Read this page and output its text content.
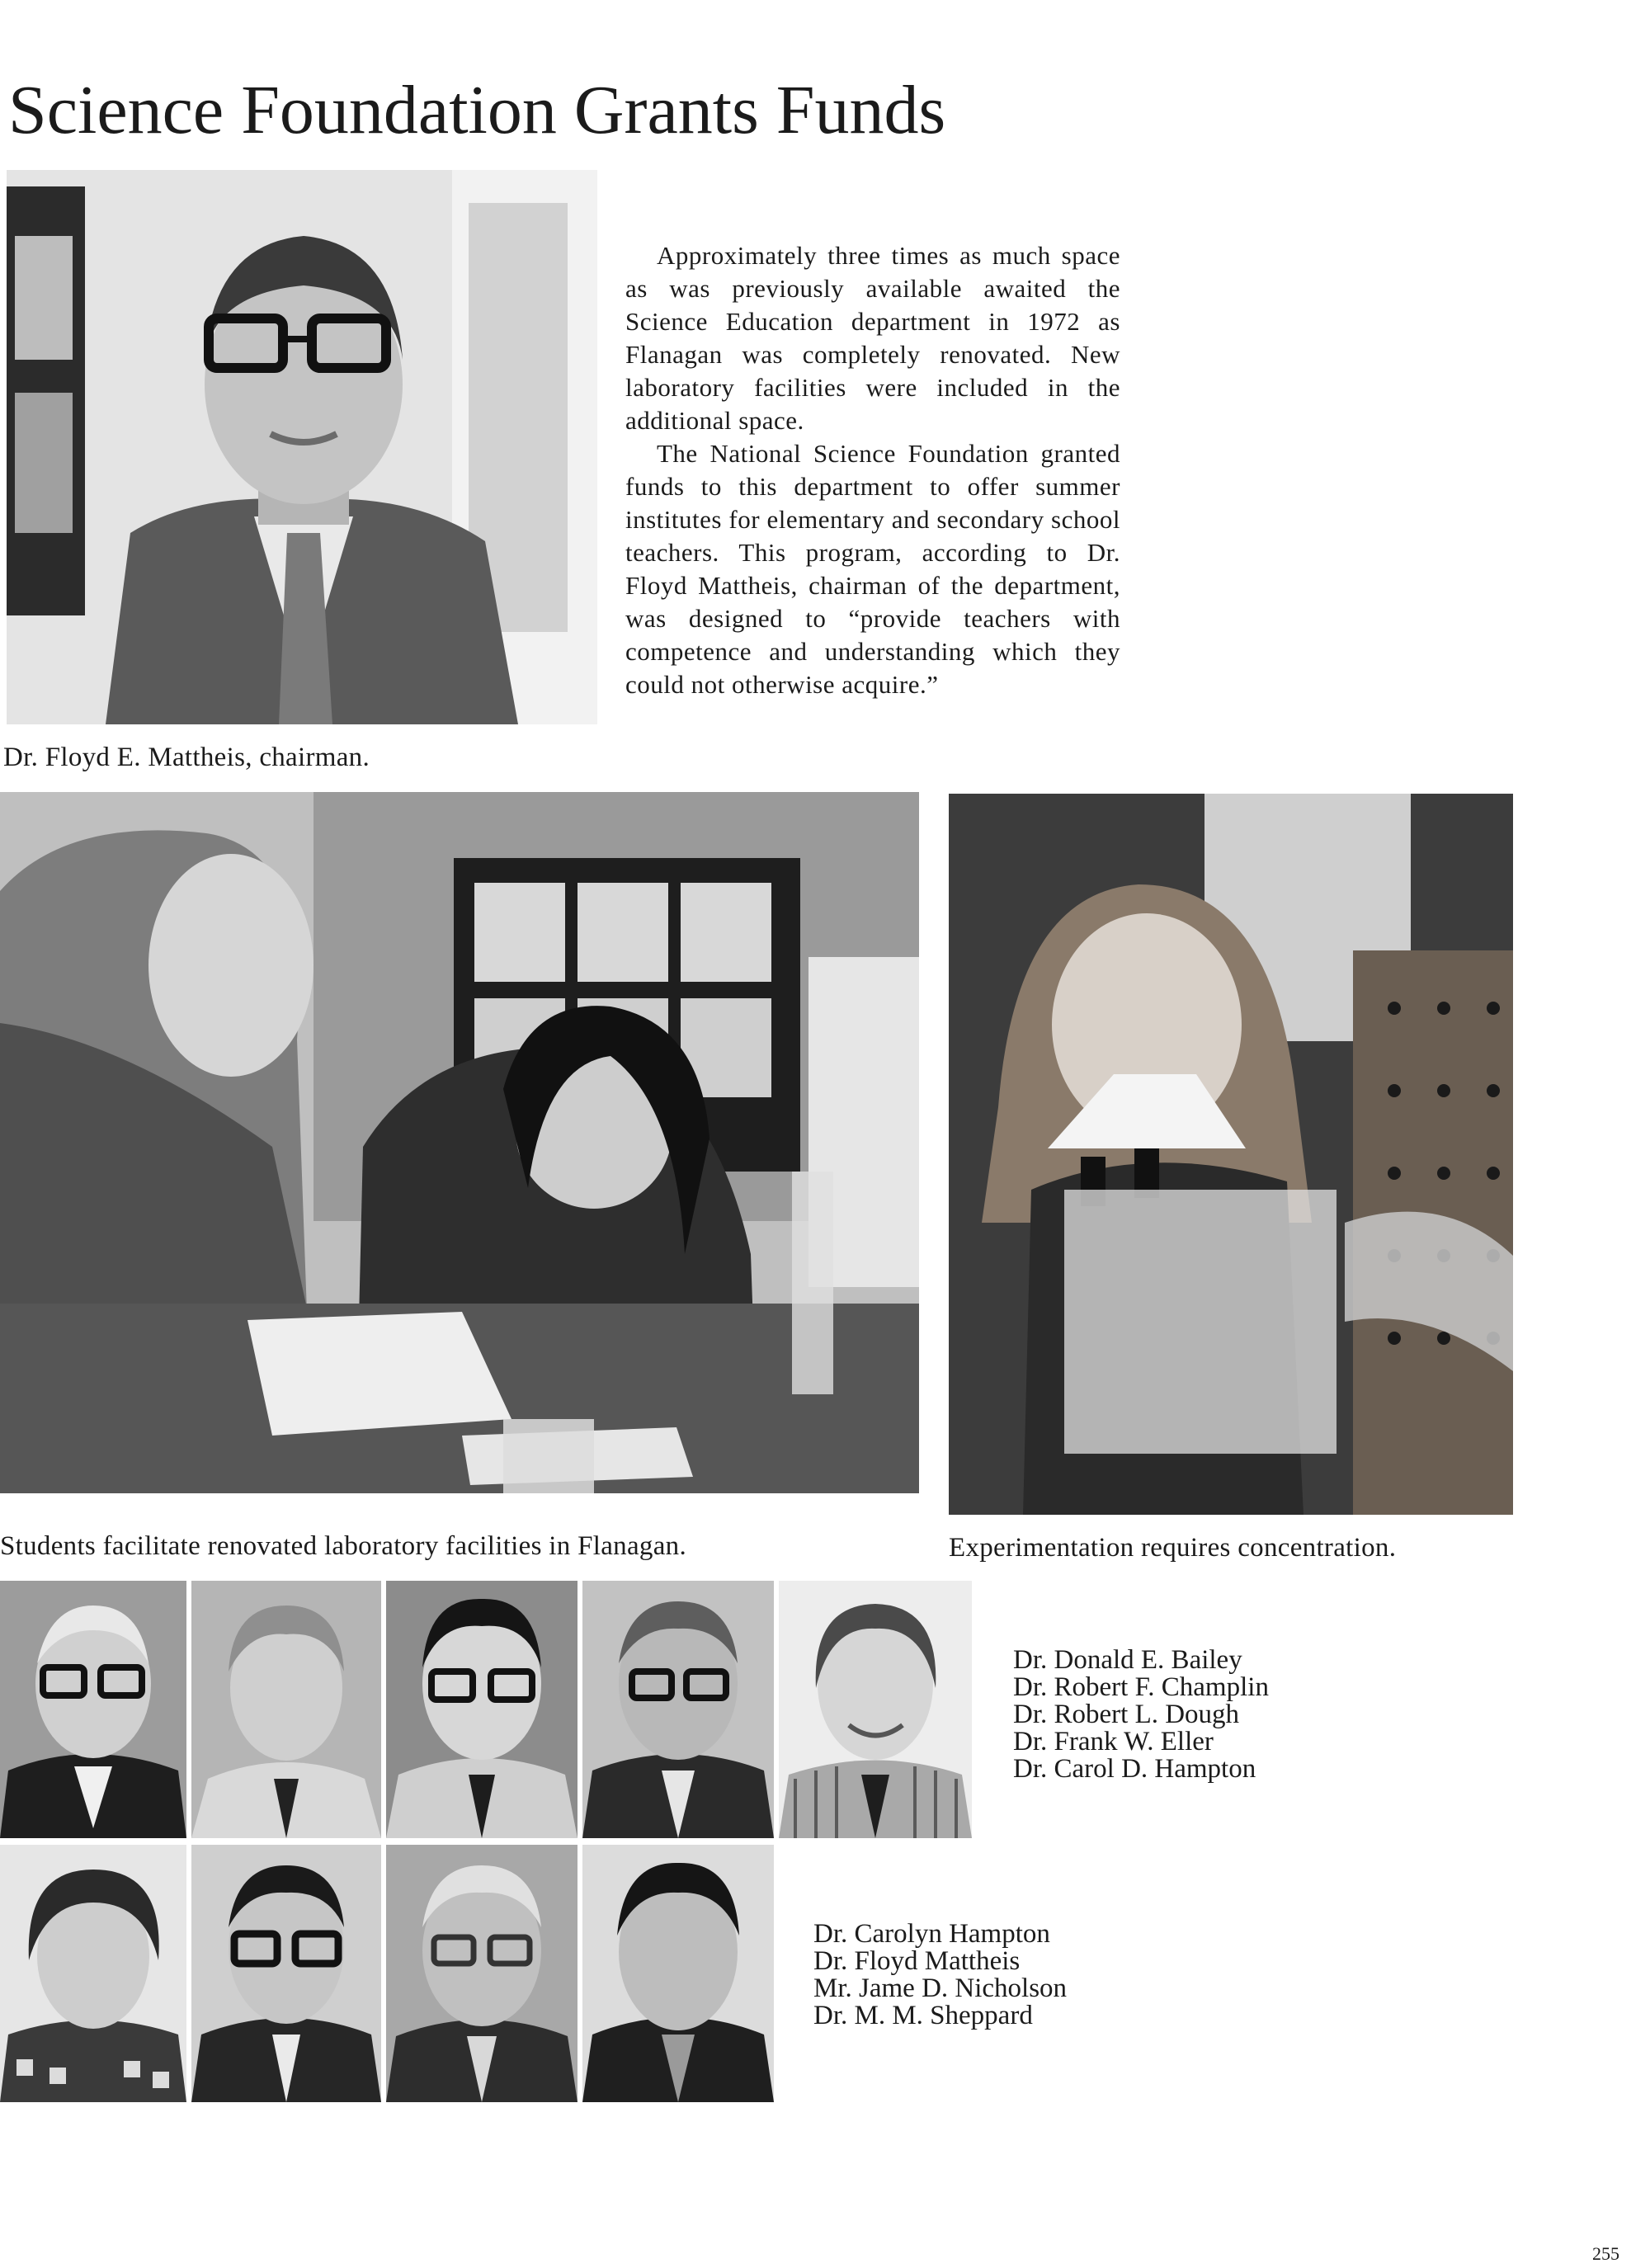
Science Foundation Grants Funds
Dr. Floyd E. Mattheis, chairman.

Approximately three times as much space as was previously available awaited the Science Education department in 1972 as Flanagan was completely renovated. New laboratory facilities were included in the additional space.

The National Science Foundation granted funds to this department to offer summer institutes for elementary and secondary school teachers. This program, according to Dr. Floyd Mattheis, chairman of the department, was designed to “provide teachers with competence and understanding which they could not otherwise acquire.”

Students facilitate renovated laboratory facilities in Flanagan.	Experimentation requires concentration.
Dr. Donald E. Bailey
Dr. Robert F. Champlin
Dr. Robert L. Dough
Dr. Frank W. Eller
Dr. Carol D. Hampton
Dr. Carolyn Hampton
Dr. Floyd Mattheis
Mr. Jame D. Nicholson
Dr. M. M. Sheppard
255
